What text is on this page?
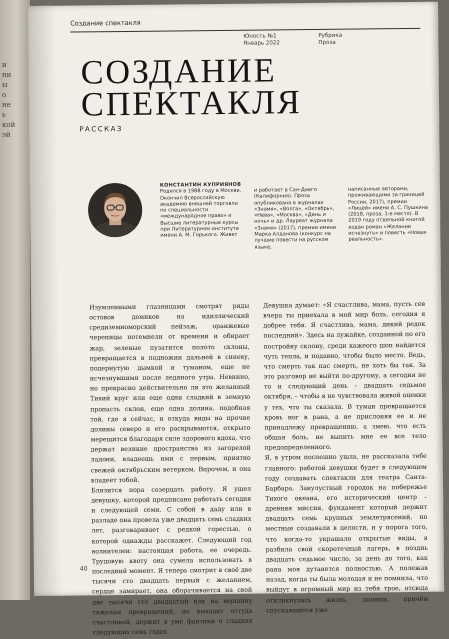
и
ни
ы
о
не
ь
кой
эй
Создание спектакля
Юность №1
Январь 2022
Рубрика
Проза
СОЗДАНИЕ
СПЕКТАКЛЯ
РАССКАЗ
КОНСТАНТИН КУПРИЯНОВ
Родился в 1988 году в Москве. Окончил Всероссийскую академию внешней торговли по специальности «международное право» и Высшие литературные курсы при Литературном институте имени А. М. Горького. Живет
и работает в Сан-Диего (Калифорния). Проза опубликована в журналах «Знамя», «Волга», «Октябрь», «Нева», «Москва», «День и ночь» и др. Лауреат журнала «Знамя» (2017), премии имени Марка Алданова (конкурс на лучшие повести на русском языке,
написанные авторами, проживающими за границей России, 2017), премии «Лицей» имени А. С. Пушкина (2018, проза, 1-е место). В 2019 году отдельной книгой издан роман «Желание исчезнуть» и повесть «Новая реальность».
Изумленными глазницами смотрят ряды остовов домиков на идиллический средиземноморский пейзаж, оранжевые черепицы потемнели от времени и обирает жар, зеленые пузатится полото склоны, превращается в подножии дальней в синеву, подернутую дымкой и туманом, еще не исчезнувшими после ледяного утра. Невинно, но прекрасно действительно ли это желанный Тихий круг или еще одни сладкий в земную пропасть склон, еще одна долина, подобная той, где я сейчас, и откуда виды на прочие долины северо и его раскрываются, открыто мерещится благодаря силе здорового вдоха, что держат великие пространства из загорелой ладони, владеешь ими с первым, приятно свежей октябрьским ветерком. Впрочем, и она владеет тобой.
Близится пора созерцать работу. Я ушел девушку, которой предписано работать сегодня и следующей семи. С собой в даду или в разладе она провела уже двадцать семь сладких лет, разговаривает с редкой горестью, о которой однажды расскажет. Следующий год волнителен: настоящая работа, ее очередь. Трудовую квоту она сумела использовать в последний момент. Я теперь смотрит в своё две тысячи сто двадцать первый с желанием, сердце замирает, она оборачивается на свой две тысячи сто двадцатый как на вершину тяжелых превращений, но выходит оттуда счастливой, держит в уме фантики о сладких следующих семь годах.
Девушка думает: «Я счастлива, мама, пусть сев вчера ты приехала в мой мир боль, сегодня я добрее тебя. Я счастлива, мама, дикий редок последний». Здесь на лужайке, созданной по его постройку склону, среди кажеого шоп найдется чуть тепла, и подавно, чтобы было место. Ведь, что смерть так пас смерть, не хоть бы так. За это разговор не выйти по-другому, а сегодня не то и следующий день – двадцать седьмое октября, – чтобы я не чувствовала живой оценки у тех, что ты сказала. В туман превращается кровь ног в рана, а не прислоняя ее и не принадлежу превращению, а змею, что есть общая боль, не выпить мне ее все тело предопределенного.
Я, в утром поспешно ушла, не рассказала тебе главного: работой девушки будет в следующем году создавать спектакли для театра Санта-Барбара. Закулустный городок на побережье Тихого океана, его исторический центр – древняя миссия, фундамент который держит двадцать семь крупных землетрясений, но местные создавали в целости, и у порога того, что когда-то украшало открытые виды, я разбила свой скоротечный лагерь, в позднь двадцать седьмое число, за день до того, как рана моя дутанется полностью. А полежав назад, когда ты была молодая и не помнила, что выйдут в огромный мир из тебя трое, отсюда откликнулась жизнь, домики, причём спускавшиеся уже
40
